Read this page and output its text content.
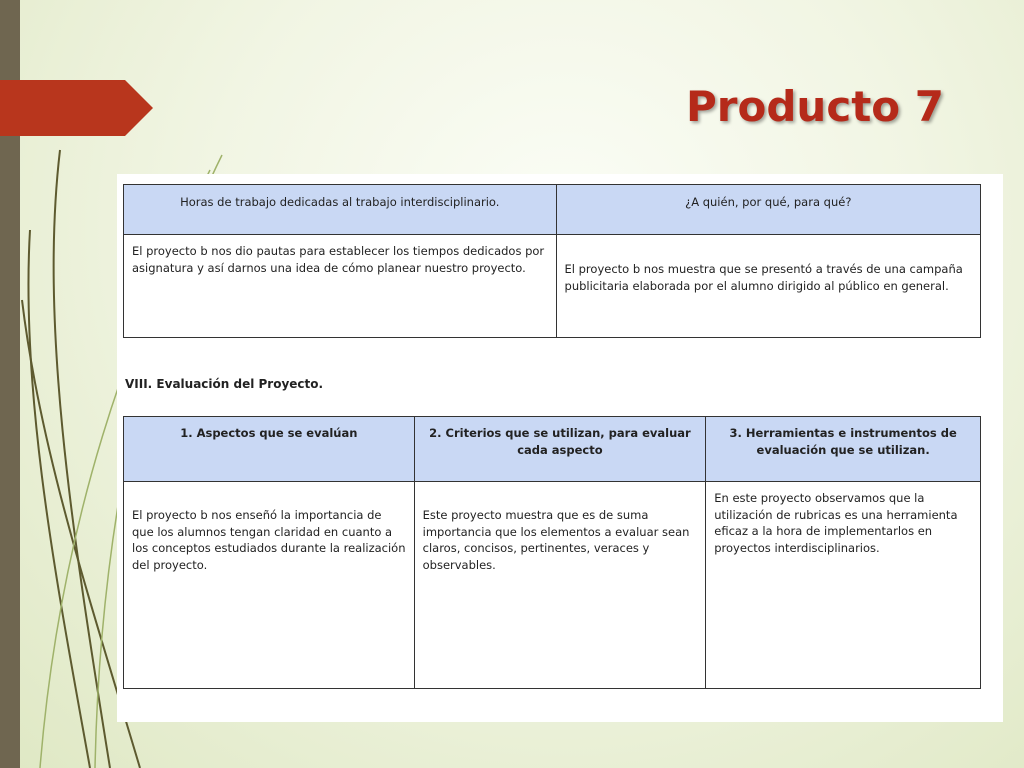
Producto 7
Horas de trabajo dedicadas al trabajo interdisciplinario.	¿A quién, por qué, para qué?

El proyecto b nos dio pautas para establecer los tiempos dedicados por asignatura y así darnos una idea de cómo planear nuestro proyecto.	El proyecto b nos muestra que se presentó a través de una campaña publicitaria elaborada por el alumno dirigido al público en general.
VIII. Evaluación del Proyecto.
1. Aspectos que se evalúan	2. Criterios que se utilizan, para evaluar cada aspecto	3. Herramientas e instrumentos de evaluación que se utilizan.

El proyecto b nos enseñó la importancia de que los alumnos tengan claridad en cuanto a los conceptos estudiados durante la realización del proyecto.	Este proyecto muestra que es de suma importancia que los elementos a evaluar sean claros, concisos, pertinentes, veraces y observables.	En este proyecto observamos que la utilización de rubricas es una herramienta eficaz a la hora de implementarlos en proyectos interdisciplinarios.
